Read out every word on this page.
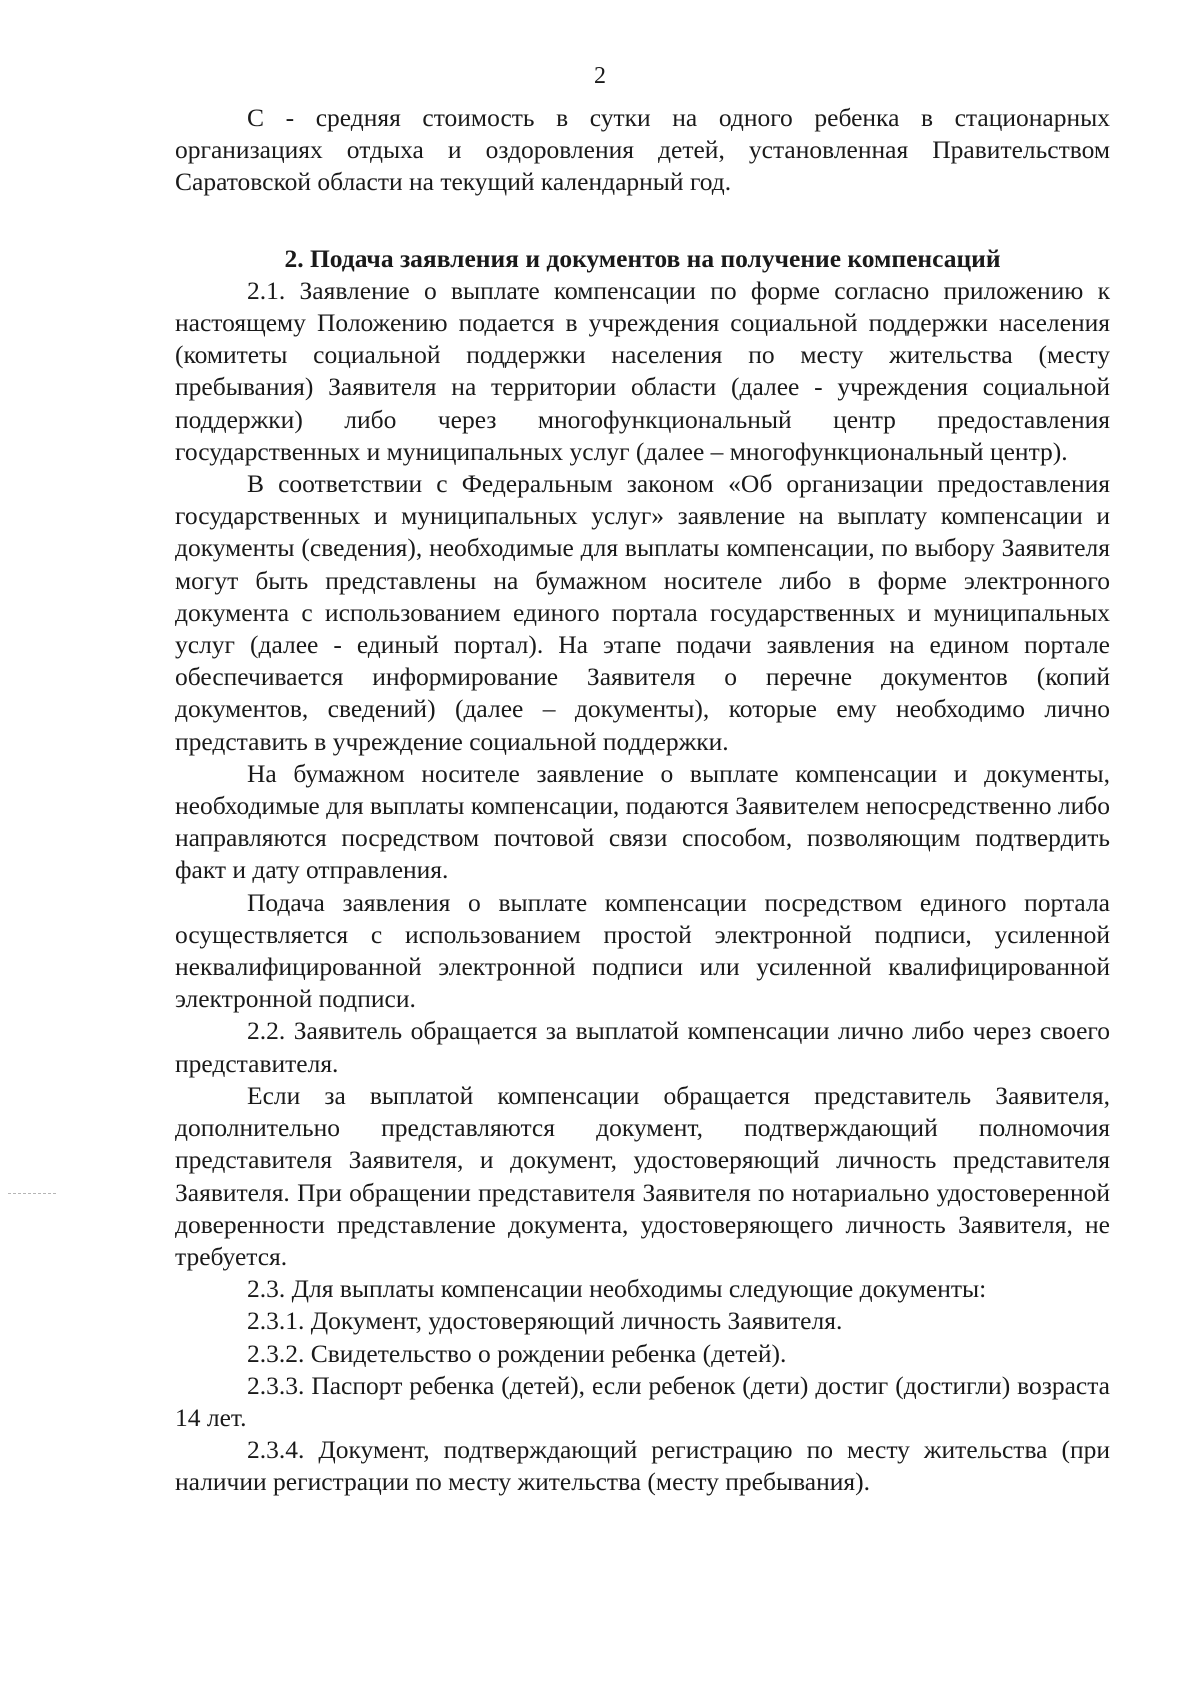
2

С - средняя стоимость в сутки на одного ребенка в стационарных организациях отдыха и оздоровления детей, установленная Правительством Саратовской области на текущий календарный год.

2. Подача заявления и документов на получение компенсаций

2.1. Заявление о выплате компенсации по форме согласно приложению к настоящему Положению подается в учреждения социальной поддержки населения (комитеты социальной поддержки населения по месту жительства (месту пребывания) Заявителя на территории области (далее - учреждения социальной поддержки) либо через многофункциональный центр предоставления государственных и муниципальных услуг (далее – многофункциональный центр).

В соответствии с Федеральным законом «Об организации предоставления государственных и муниципальных услуг» заявление на выплату компенсации и документы (сведения), необходимые для выплаты компенсации, по выбору Заявителя могут быть представлены на бумажном носителе либо в форме электронного документа с использованием единого портала государственных и муниципальных услуг (далее - единый портал). На этапе подачи заявления на едином портале обеспечивается информирование Заявителя о перечне документов (копий документов, сведений) (далее – документы), которые ему необходимо лично представить в учреждение социальной поддержки.

На бумажном носителе заявление о выплате компенсации и документы, необходимые для выплаты компенсации, подаются Заявителем непосредственно либо направляются посредством почтовой связи способом, позволяющим подтвердить факт и дату отправления.

Подача заявления о выплате компенсации посредством единого портала осуществляется с использованием простой электронной подписи, усиленной неквалифицированной электронной подписи или усиленной квалифицированной электронной подписи.

2.2. Заявитель обращается за выплатой компенсации лично либо через своего представителя.

Если за выплатой компенсации обращается представитель Заявителя, дополнительно представляются документ, подтверждающий полномочия представителя Заявителя, и документ, удостоверяющий личность представителя Заявителя. При обращении представителя Заявителя по нотариально удостоверенной доверенности представление документа, удостоверяющего личность Заявителя, не требуется.

2.3. Для выплаты компенсации необходимы следующие документы:

2.3.1. Документ, удостоверяющий личность Заявителя.

2.3.2. Свидетельство о рождении ребенка (детей).

2.3.3. Паспорт ребенка (детей), если ребенок (дети) достиг (достигли) возраста 14 лет.

2.3.4. Документ, подтверждающий регистрацию по месту жительства (при наличии регистрации по месту жительства (месту пребывания).
